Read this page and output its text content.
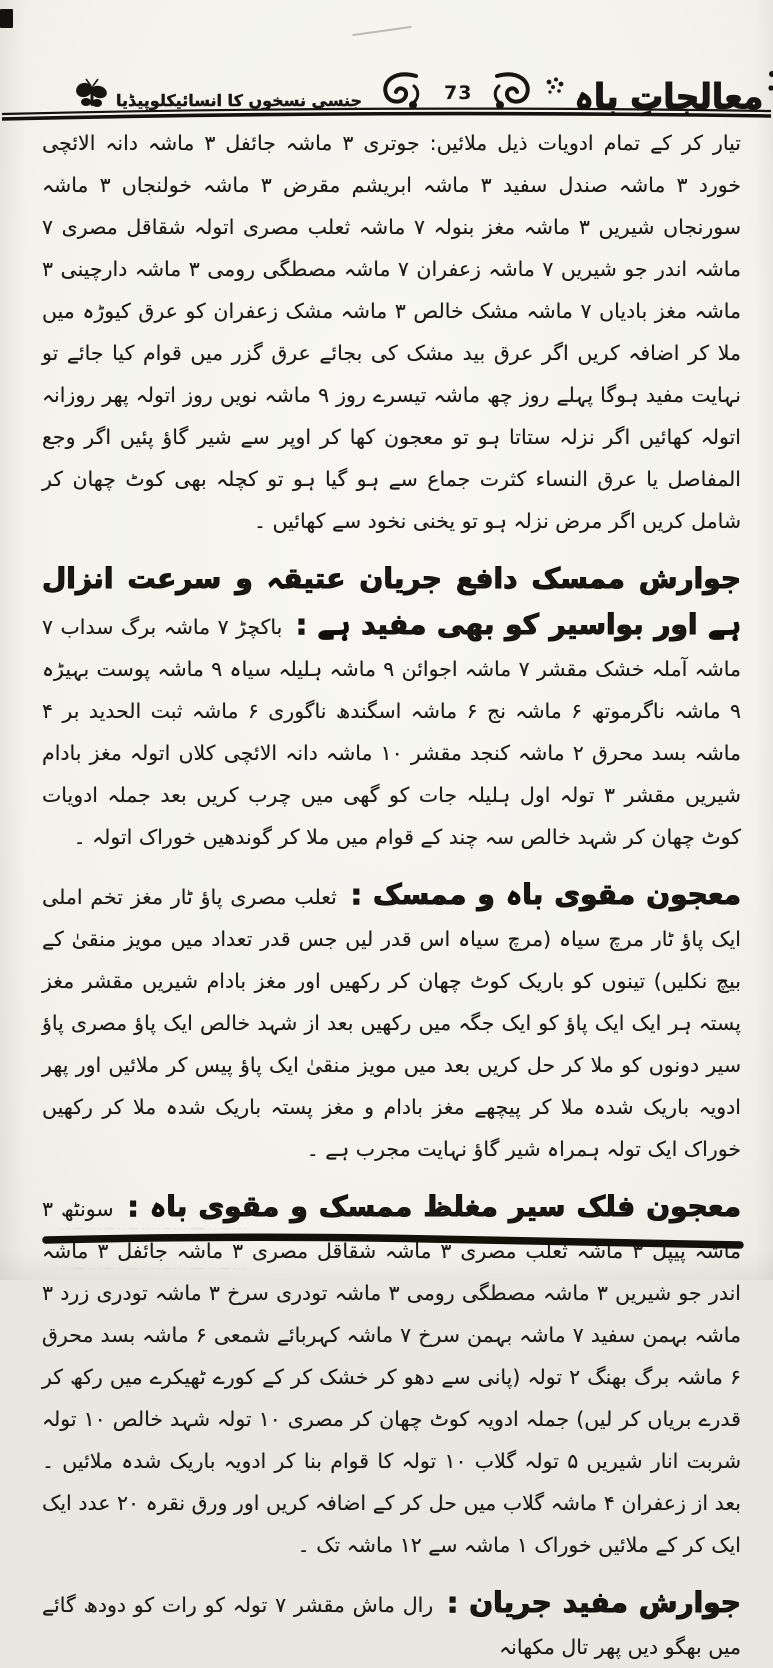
جنسی نسخوں کا انسائیکلوپیڈیا	73	معالجاتِ باہ

تیار کر کے تمام ادویات ذیل ملائیں: جوتری ۳ ماشہ جائفل ۳ ماشہ دانہ الائچی خورد ۳ ماشہ صندل سفید ۳ ماشہ ابریشم مقرض ۳ ماشہ خولنجاں ۳ ماشہ سورنجاں شیریں ۳ ماشہ مغز بنولہ ۷ ماشہ ثعلب مصری اتولہ شقاقل مصری ۷ ماشہ اندر جو شیریں ۷ ماشہ زعفران ۷ ماشہ مصطگی رومی ۳ ماشہ دارچینی ۳ ماشہ مغز بادیاں ۷ ماشہ مشک خالص ۳ ماشہ مشک زعفران کو عرق کیوڑہ میں ملا کر اضافہ کریں اگر عرق بید مشک کی بجائے عرق گزر میں قوام کیا جائے تو نہایت مفید ہوگا پہلے روز چھ ماشہ تیسرے روز ۹ ماشہ نویں روز اتولہ پھر روزانہ اتولہ کھائیں اگر نزلہ ستاتا ہو تو معجون کھا کر اوپر سے شیر گاؤ پئیں اگر وجع المفاصل یا عرق النساء کثرت جماع سے ہو گیا ہو تو کچلہ بھی کوٹ چھان کر شامل کریں اگر مرض نزلہ ہو تو یخنی نخود سے کھائیں ۔

جوارش ممسک دافع جریان عتیقہ و سرعت انزال ہے اور بواسیر کو بھی مفید ہے : باکچڑ ۷ ماشہ برگ سداب ۷ ماشہ آملہ خشک مقشر ۷ ماشہ اجوائن ۹ ماشہ ہلیلہ سیاہ ۹ ماشہ پوست بہیڑہ ۹ ماشہ ناگرموتھ ۶ ماشہ نج ۶ ماشہ اسگندھ ناگوری ۶ ماشہ ثبت الحدید بر ۴ ماشہ بسد محرق ۲ ماشہ کنجد مقشر ۱۰ ماشہ دانہ الائچی کلاں اتولہ مغز بادام شیریں مقشر ۳ تولہ اول ہلیلہ جات کو گھی میں چرب کریں بعد جملہ ادویات کوٹ چھان کر شہد خالص سہ چند کے قوام میں ملا کر گوندھیں خوراک اتولہ ۔

معجون مقوی باہ و ممسک : ثعلب مصری پاؤ ٹار مغز تخم املی ایک پاؤ ٹار مرچ سیاہ (مرچ سیاہ اس قدر لیں جس قدر تعداد میں مویز منقیٰ کے بیچ نکلیں) تینوں کو باریک کوٹ چھان کر رکھیں اور مغز بادام شیریں مقشر مغز پستہ ہر ایک ایک پاؤ کو ایک جگہ میں رکھیں بعد از شہد خالص ایک پاؤ مصری پاؤ سیر دونوں کو ملا کر حل کریں بعد میں مویز منقیٰ ایک پاؤ پیس کر ملائیں اور پھر ادویہ باریک شدہ ملا کر پیچھے مغز بادام و مغز پستہ باریک شدہ ملا کر رکھیں خوراک ایک تولہ ہمراہ شیر گاؤ نہایت مجرب ہے ۔

معجون فلک سیر مغلظ ممسک و مقوی باہ : سونٹھ ۳ ماشہ پیپل ۳ ماشہ ثعلب مصری ۳ ماشہ شقاقل مصری ۳ ماشہ جائفل ۳ ماشہ اندر جو شیریں ۳ ماشہ مصطگی رومی ۳ ماشہ تودری سرخ ۳ ماشہ تودری زرد ۳ ماشہ بہمن سفید ۷ ماشہ بہمن سرخ ۷ ماشہ کہربائے شمعی ۶ ماشہ بسد محرق ۶ ماشہ برگ بھنگ ۲ تولہ (پانی سے دھو کر خشک کر کے کورے ٹھیکرے میں رکھ کر قدرے بریاں کر لیں) جملہ ادویہ کوٹ چھان کر مصری ۱۰ تولہ شہد خالص ۱۰ تولہ شربت انار شیریں ۵ تولہ گلاب ۱۰ تولہ کا قوام بنا کر ادویہ باریک شدہ ملائیں ۔ بعد از زعفران ۴ ماشہ گلاب میں حل کر کے اضافہ کریں اور ورق نقرہ ۲۰ عدد ایک ایک کر کے ملائیں خوراک ۱ ماشہ سے ۱۲ ماشہ تک ۔

جوارش مفید جریان : رال ماش مقشر ۷ تولہ کو رات کو دودھ گائے میں بھگو دیں پھر تال مکھانہ

۔۔۔ ـــ ۔۔ ـــــ ۔۔۔ ــ ۔۔۔۔ ـــ ۔۔ ـــ ۔۔۔ ــــ ۔۔
۔۔۔ ـــ ۔۔ ـــــ ۔۔۔ ــ ۔۔۔۔ ـــ ۔۔ ـــ ۔۔۔ ــــ ۔۔
